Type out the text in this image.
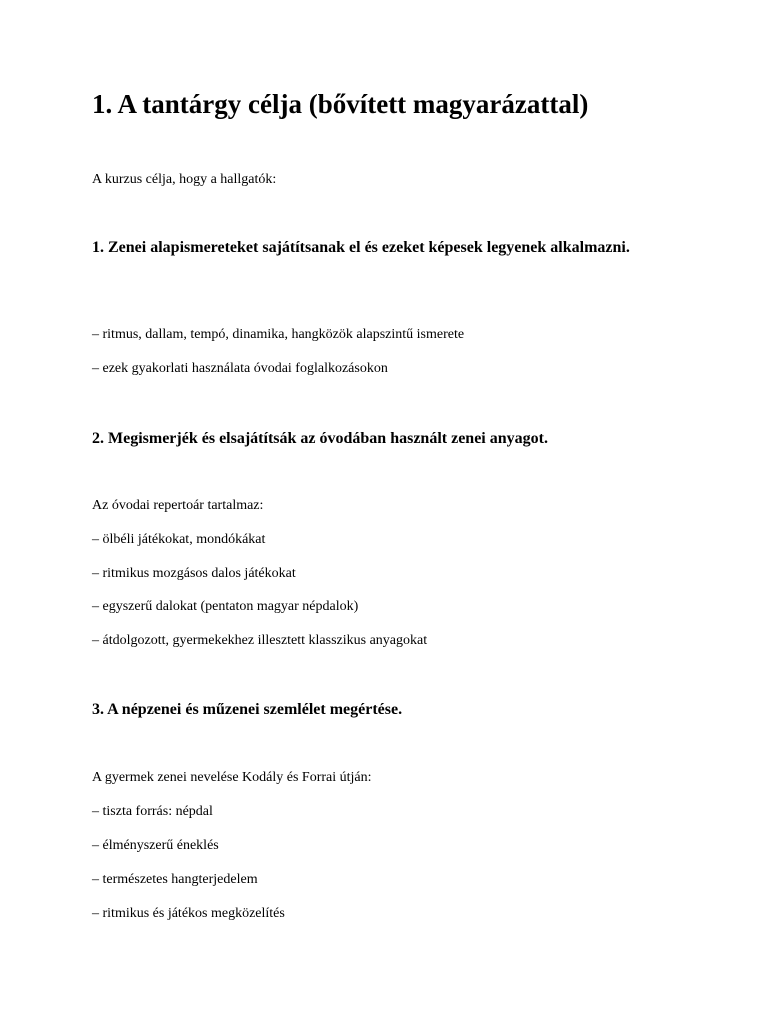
1. A tantárgy célja (bővített magyarázattal)

A kurzus célja, hogy a hallgatók:

1. Zenei alapismereteket sajátítsanak el és ezeket képesek legyenek alkalmazni.

– ritmus, dallam, tempó, dinamika, hangközök alapszintű ismerete

– ezek gyakorlati használata óvodai foglalkozásokon

2. Megismerjék és elsajátítsák az óvodában használt zenei anyagot.

Az óvodai repertoár tartalmaz:

– ölbéli játékokat, mondókákat

– ritmikus mozgásos dalos játékokat

– egyszerű dalokat (pentaton magyar népdalok)

– átdolgozott, gyermekekhez illesztett klasszikus anyagokat

3. A népzenei és műzenei szemlélet megértése.

A gyermek zenei nevelése Kodály és Forrai útján:

– tiszta forrás: népdal

– élményszerű éneklés

– természetes hangterjedelem

– ritmikus és játékos megközelítés
